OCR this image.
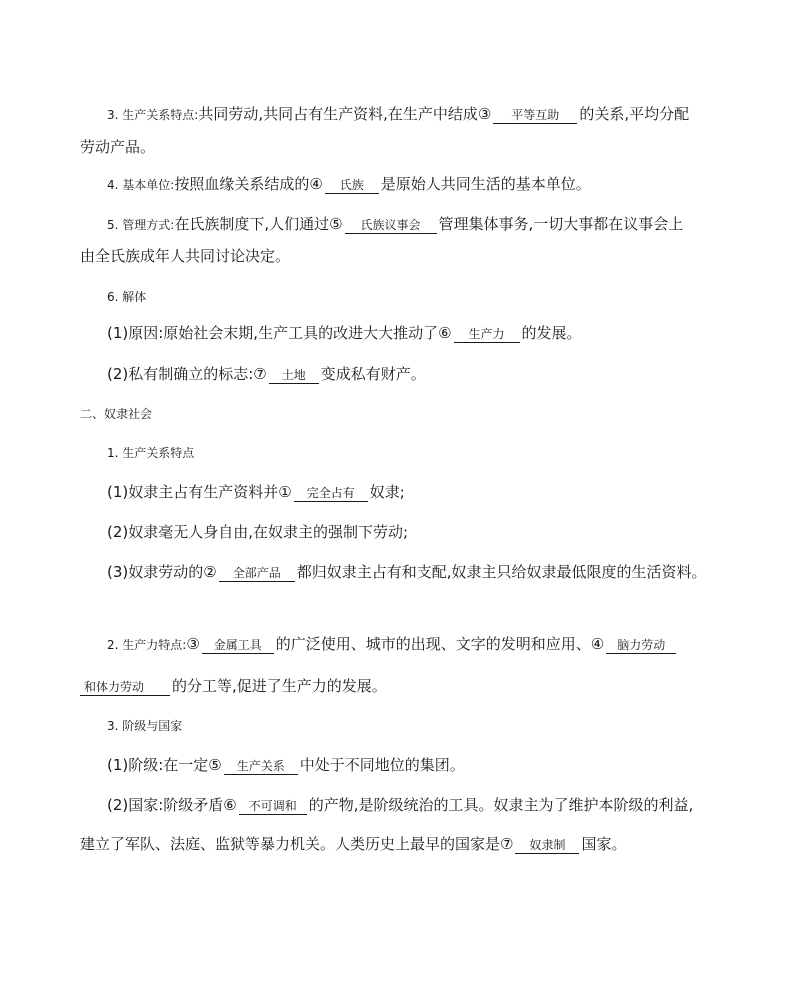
3. 生产关系特点:共同劳动,共同占有生产资料,在生产中结成③ 平等互助 的关系,平均分配
劳动产品。
4. 基本单位:按照血缘关系结成的④ 氏族 是原始人共同生活的基本单位。
5. 管理方式:在氏族制度下,人们通过⑤ 氏族议事会 管理集体事务,一切大事都在议事会上
由全氏族成年人共同讨论决定。
6. 解体
(1)原因:原始社会末期,生产工具的改进大大推动了⑥ 生产力 的发展。
(2)私有制确立的标志:⑦ 土地 变成私有财产。
二、奴隶社会
1. 生产关系特点
(1)奴隶主占有生产资料并① 完全占有 奴隶;
(2)奴隶毫无人身自由,在奴隶主的强制下劳动;
(3)奴隶劳动的② 全部产品 都归奴隶主占有和支配,奴隶主只给奴隶最低限度的生活资料。
2. 生产力特点:③ 金属工具 的广泛使用、城市的出现、文字的发明和应用、④ 脑力劳动
和体力劳动 的分工等,促进了生产力的发展。
3. 阶级与国家
(1)阶级:在一定⑤ 生产关系 中处于不同地位的集团。
(2)国家:阶级矛盾⑥ 不可调和 的产物,是阶级统治的工具。奴隶主为了维护本阶级的利益,
建立了军队、法庭、监狱等暴力机关。人类历史上最早的国家是⑦ 奴隶制 国家。
